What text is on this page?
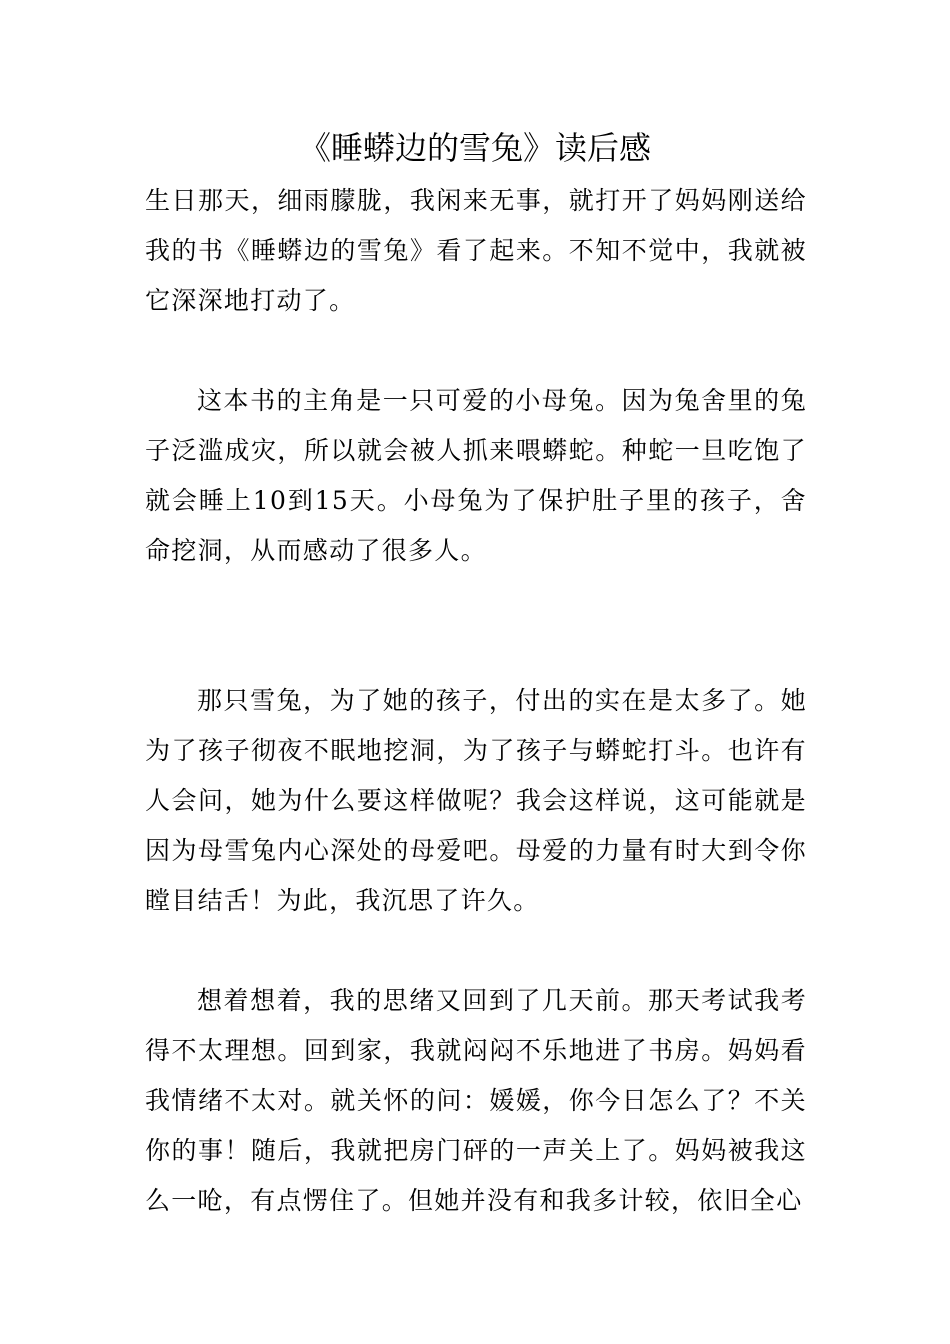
《睡蟒边的雪兔》读后感

生日那天，细雨朦胧，我闲来无事，就打开了妈妈刚送给我的书《睡蟒边的雪兔》看了起来。不知不觉中，我就被它深深地打动了。

这本书的主角是一只可爱的小母兔。因为兔舍里的兔子泛滥成灾，所以就会被人抓来喂蟒蛇。种蛇一旦吃饱了就会睡上10到15天。小母兔为了保护肚子里的孩子，舍命挖洞，从而感动了很多人。

那只雪兔，为了她的孩子，付出的实在是太多了。她为了孩子彻夜不眠地挖洞，为了孩子与蟒蛇打斗。也许有人会问，她为什么要这样做呢？我会这样说，这可能就是因为母雪兔内心深处的母爱吧。母爱的力量有时大到令你瞠目结舌！为此，我沉思了许久。

想着想着，我的思绪又回到了几天前。那天考试我考得不太理想。回到家，我就闷闷不乐地进了书房。妈妈看我情绪不太对。就关怀的问：媛媛，你今日怎么了？不关你的事！随后，我就把房门砰的一声关上了。妈妈被我这么一呛，有点愣住了。但她并没有和我多计较，依旧全心
